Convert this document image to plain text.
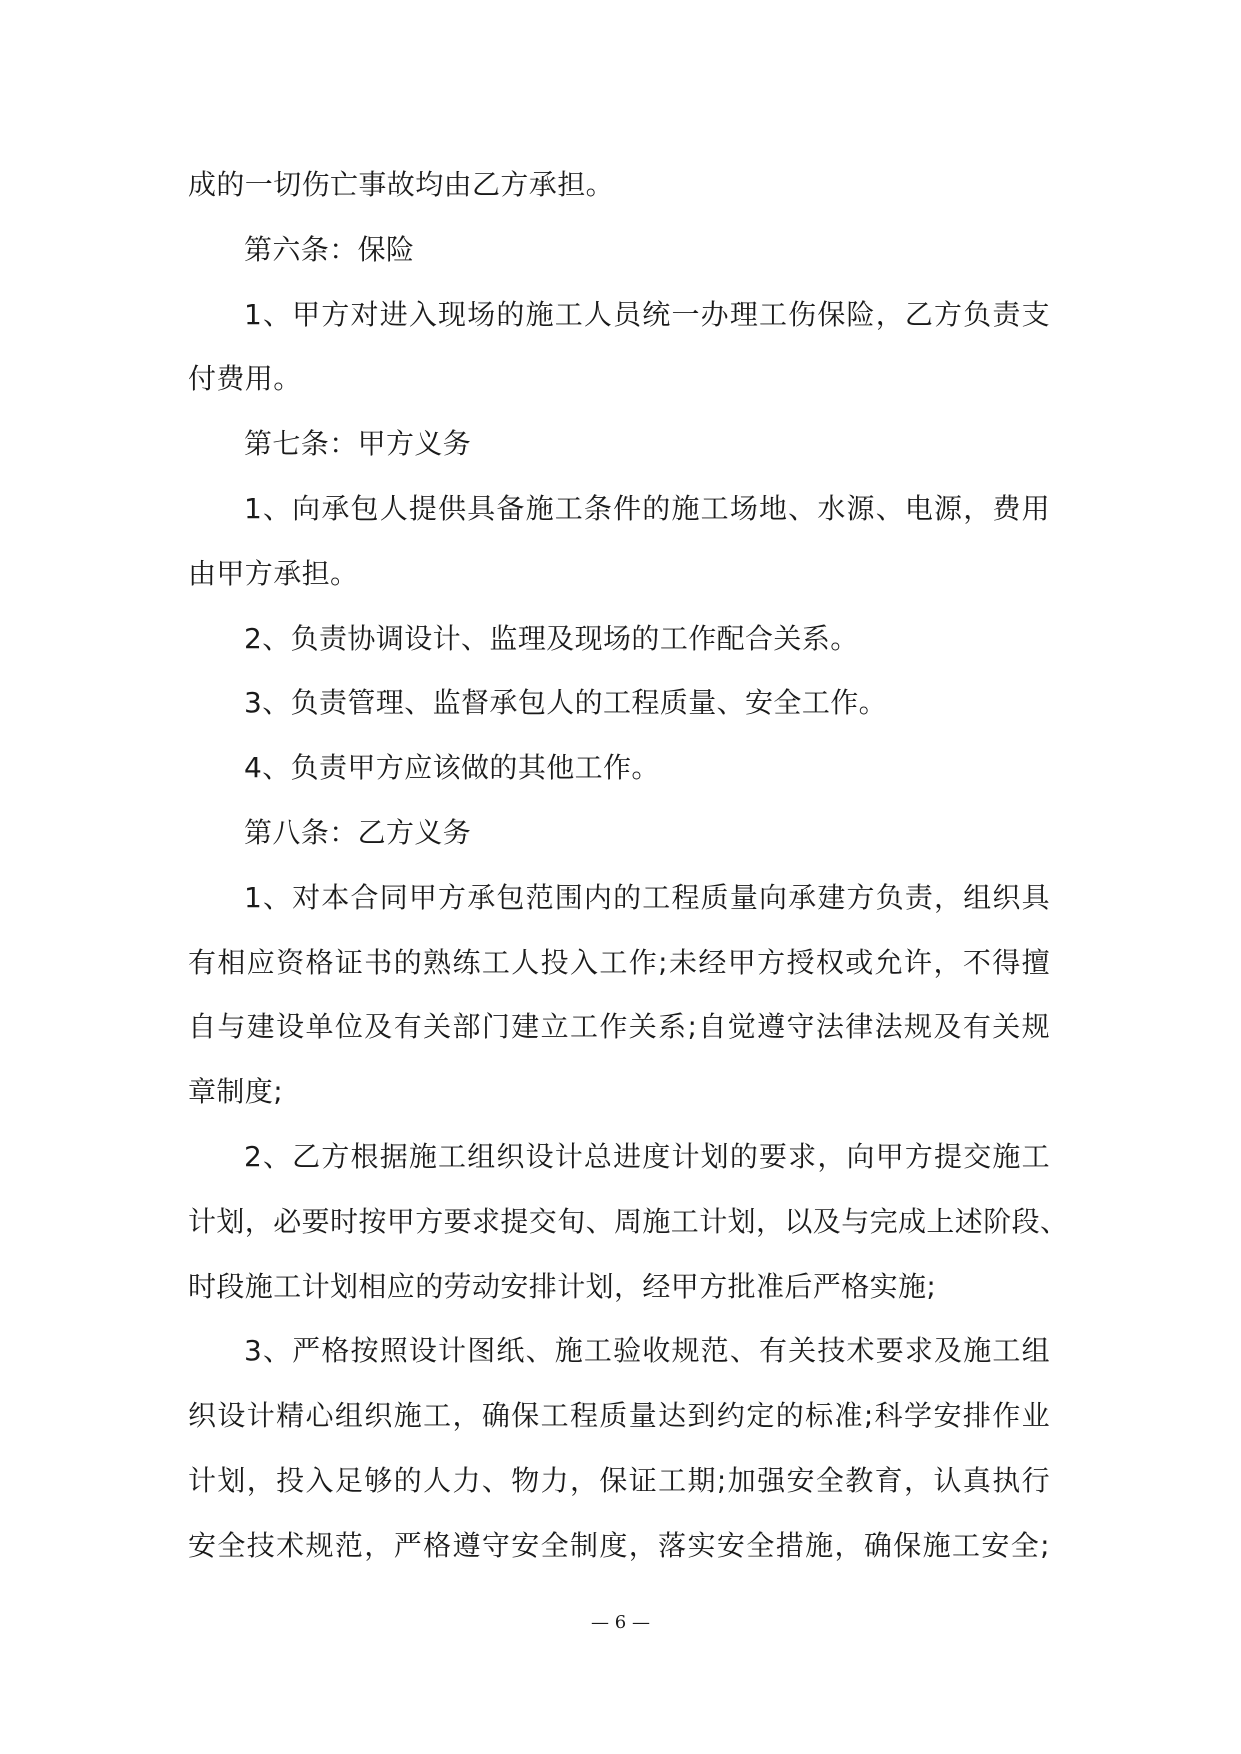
成的一切伤亡事故均由乙方承担。
第六条：保险
1、甲方对进入现场的施工人员统一办理工伤保险，乙方负责支
付费用。
第七条：甲方义务
1、向承包人提供具备施工条件的施工场地、水源、电源，费用
由甲方承担。
2、负责协调设计、监理及现场的工作配合关系。
3、负责管理、监督承包人的工程质量、安全工作。
4、负责甲方应该做的其他工作。
第八条：乙方义务
1、对本合同甲方承包范围内的工程质量向承建方负责，组织具
有相应资格证书的熟练工人投入工作;未经甲方授权或允许，不得擅
自与建设单位及有关部门建立工作关系;自觉遵守法律法规及有关规
章制度;
2、乙方根据施工组织设计总进度计划的要求，向甲方提交施工
计划，必要时按甲方要求提交旬、周施工计划，以及与完成上述阶段、
时段施工计划相应的劳动安排计划，经甲方批准后严格实施;
3、严格按照设计图纸、施工验收规范、有关技术要求及施工组
织设计精心组织施工，确保工程质量达到约定的标准;科学安排作业
计划，投入足够的人力、物力，保证工期;加强安全教育，认真执行
安全技术规范，严格遵守安全制度，落实安全措施，确保施工安全;
— 6 —
